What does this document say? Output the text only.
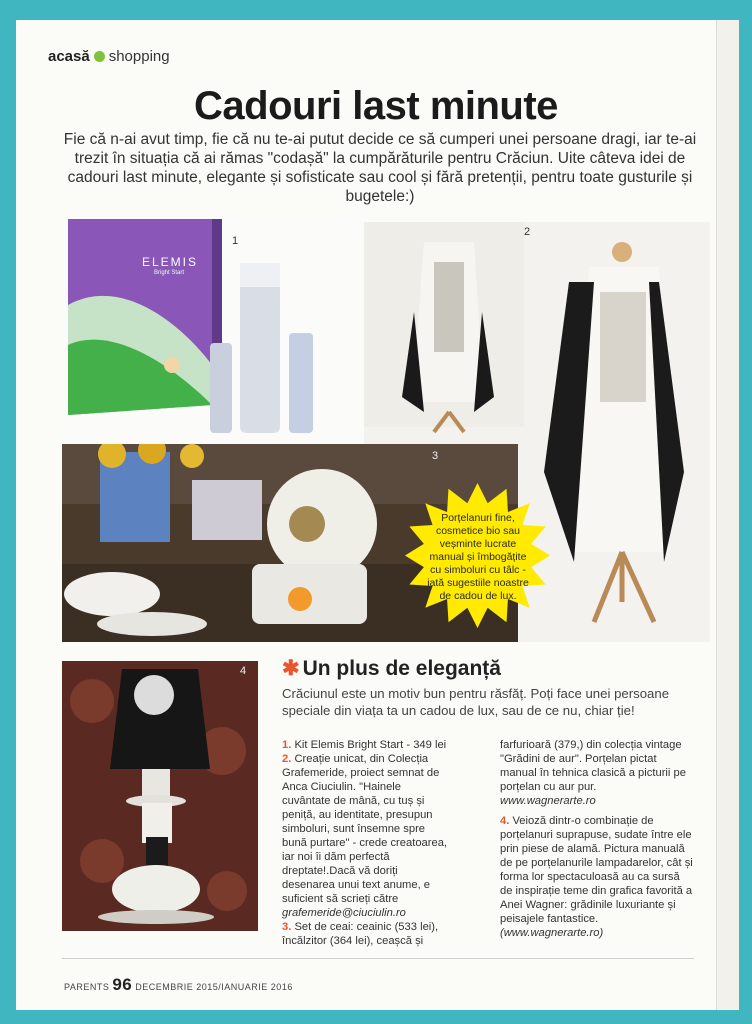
acasă shopping
Cadouri last minute
Fie că n-ai avut timp, fie că nu te-ai putut decide ce să cumperi unei persoane dragi, iar te-ai trezit în situația că ai rămas "codașă" la cumpărăturile pentru Crăciun. Uite câteva idei de cadouri last minute, elegante și sofisticate sau cool și fără pretenții, pentru toate gusturile și bugetele:)
ELEMIS
Bright Start
1
2
3
Porțelanuri fine, cosmetice bio sau veșminte lucrate manual și îmbogățite cu simboluri cu tâlc - iată sugestiile noastre de cadou de lux.
4 ✱ Un plus de eleganță
Crăciunul este un motiv bun pentru răsfăț. Poți face unei persoane speciale din viața ta un cadou de lux, sau de ce nu, chiar ție!

1. Kit Elemis Bright Start - 349 lei

2. Creație unicat, din Colecția Grafemeride, proiect semnat de Anca Ciuciulin. "Hainele cuvântate de mână, cu tuș și peniță, au identitate, presupun simboluri, sunt însemne spre bună purtare" - crede creatoarea, iar noi îi dăm perfectă dreptate!.Dacă vă doriți desenarea unui text anume, e suficient să scrieți către

grafemeride@ciuciulin.ro

3. Set de ceai: ceainic (533 lei), încălzitor (364 lei), ceașcă și

farfurioară (379,) din colecția vintage "Grădini de aur". Porțelan pictat manual în tehnica clasică a picturii pe porțelan cu aur pur.

www.wagnerarte.ro

4. Veioză dintr-o combinație de porțelanuri suprapuse, sudate între ele prin piese de alamă. Pictura manuală de pe porțelanurile lampadarelor, cât și forma lor spectaculoasă au ca sursă de inspirație teme din grafica favorită a Anei Wagner: grădinile luxuriante și peisajele fantastice.

(www.wagnerarte.ro)

PARENTS 96 DECEMBRIE 2015/IANUARIE 2016
